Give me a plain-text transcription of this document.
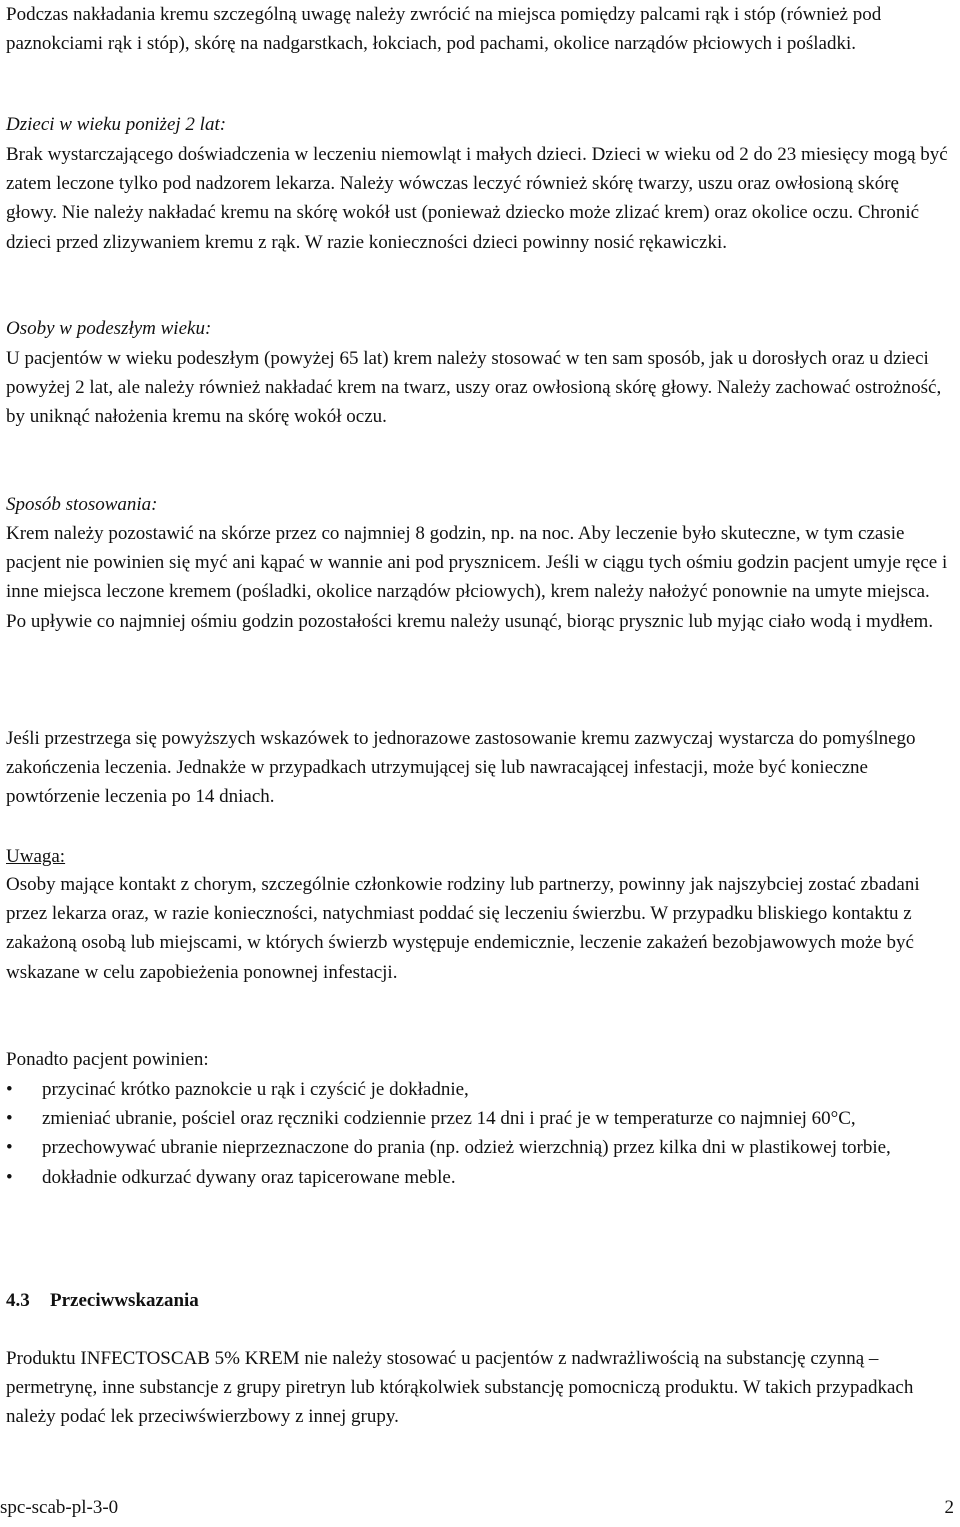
Podczas nakładania kremu szczególną uwagę należy zwrócić na miejsca pomiędzy palcami rąk i stóp (również pod paznokciami rąk i stóp), skórę na nadgarstkach, łokciach, pod pachami, okolice narządów płciowych i pośladki.

Dzieci w wieku poniżej 2 lat:

Brak wystarczającego doświadczenia w leczeniu niemowląt i małych dzieci. Dzieci w wieku od 2 do 23 miesięcy mogą być zatem leczone tylko pod nadzorem lekarza. Należy wówczas leczyć również skórę twarzy, uszu oraz owłosioną skórę głowy. Nie należy nakładać kremu na skórę wokół ust (ponieważ dziecko może zlizać krem) oraz okolice oczu. Chronić dzieci przed zlizywaniem kremu z rąk. W razie konieczności dzieci powinny nosić rękawiczki.

Osoby w podeszłym wieku:

U pacjentów w wieku podeszłym (powyżej 65 lat) krem należy stosować w ten sam sposób, jak u dorosłych oraz u dzieci powyżej 2 lat, ale należy również nakładać krem na twarz, uszy oraz owłosioną skórę głowy. Należy zachować ostrożność, by uniknąć nałożenia kremu na skórę wokół oczu.

Sposób stosowania:

Krem należy pozostawić na skórze przez co najmniej 8 godzin, np. na noc. Aby leczenie było skuteczne, w tym czasie pacjent nie powinien się myć ani kąpać w wannie ani pod prysznicem. Jeśli w ciągu tych ośmiu godzin pacjent umyje ręce i inne miejsca leczone kremem (pośladki, okolice narządów płciowych), krem należy nałożyć ponownie na umyte miejsca. Po upływie co najmniej ośmiu godzin pozostałości kremu należy usunąć, biorąc prysznic lub myjąc ciało wodą i mydłem.

Jeśli przestrzega się powyższych wskazówek to jednorazowe zastosowanie kremu zazwyczaj wystarcza do pomyślnego zakończenia leczenia. Jednakże w przypadkach utrzymującej się lub nawracającej infestacji, może być konieczne powtórzenie leczenia po 14 dniach.

Uwaga:

Osoby mające kontakt z chorym, szczególnie członkowie rodziny lub partnerzy, powinny jak najszybciej zostać zbadani przez lekarza oraz, w razie konieczności, natychmiast poddać się leczeniu świerzbu. W przypadku bliskiego kontaktu z zakażoną osobą lub miejscami, w których świerzb występuje endemicznie, leczenie zakażeń bezobjawowych może być wskazane w celu zapobieżenia ponownej infestacji.

Ponadto pacjent powinien:

• przycinać krótko paznokcie u rąk i czyścić je dokładnie,
• zmieniać ubranie, pościel oraz ręczniki codziennie przez 14 dni i prać je w temperaturze co najmniej 60°C,
• przechowywać ubranie nieprzeznaczone do prania (np. odzież wierzchnią) przez kilka dni w plastikowej torbie,
• dokładnie odkurzać dywany oraz tapicerowane meble.
4.3 Przeciwwskazania

Produktu INFECTOSCAB 5% KREM nie należy stosować u pacjentów z nadwrażliwością na substancję czynną – permetrynę, inne substancje z grupy piretryn lub którąkolwiek substancję pomocniczą produktu. W takich przypadkach należy podać lek przeciwświerzbowy z innej grupy.

spc-scab-pl-3-0	2
